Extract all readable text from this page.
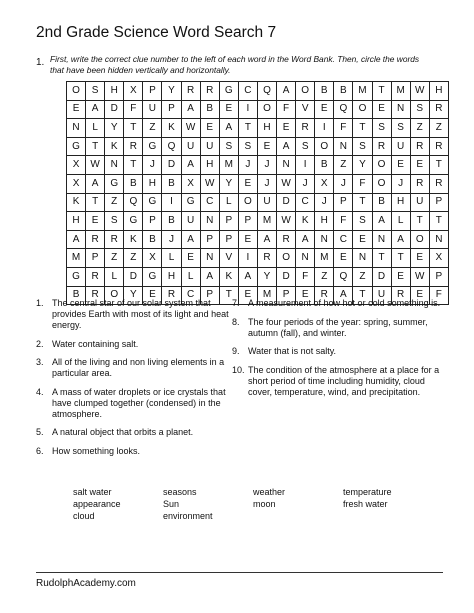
2nd Grade Science Word Search 7
1. First, write the correct clue number to the left of each word in the Word Bank. Then, circle the words that have been hidden vertically and horizontally.
O	S	H	X	P	Y	R	R	G	C	Q	A	O	B	B	M	T	M	W	H
E	A	D	F	U	P	A	B	E	I	O	F	V	E	Q	O	E	N	S	R
N	L	Y	T	Z	K	W	E	A	T	H	E	R	I	F	T	S	S	Z	Z
G	T	K	R	G	Q	U	U	S	S	E	A	S	O	N	S	R	U	R	R
X	W	N	T	J	D	A	H	M	J	J	N	I	B	Z	Y	O	E	E	T
X	A	G	B	H	B	X	W	Y	E	J	W	J	X	J	F	O	J	R	R
K	T	Z	Q	G	I	G	C	L	O	U	D	C	J	P	T	B	H	U	P
H	E	S	G	P	B	U	N	P	P	M	W	K	H	F	S	A	L	T	T
A	R	R	K	B	J	A	P	P	E	A	R	A	N	C	E	N	A	O	N
M	P	Z	Z	X	L	E	N	V	I	R	O	N	M	E	N	T	T	E	X
G	R	L	D	G	H	L	A	K	A	Y	D	F	Z	Q	Z	D	E	W	P
B	R	O	Y	E	R	C	P	T	E	M	P	E	R	A	T	U	R	E	F
1. The central star of our solar system that provides Earth with most of its light and heat energy.
2. Water containing salt.
3. All of the living and non living elements in a particular area.
4. A mass of water droplets or ice crystals that have clumped together (condensed) in the atmosphere.
5. A natural object that orbits a planet.
6. How something looks.
7. A measurement of how hot or cold something is.
8. The four periods of the year: spring, summer, autumn (fall), and winter.
9. Water that is not salty.
10. The condition of the atmosphere at a place for a short period of time including humidity, cloud cover, temperature, wind, and precipitation.
salt water	seasons	weather	temperature
appearance	Sun	moon	fresh water
cloud	environment
RudolphAcademy.com
